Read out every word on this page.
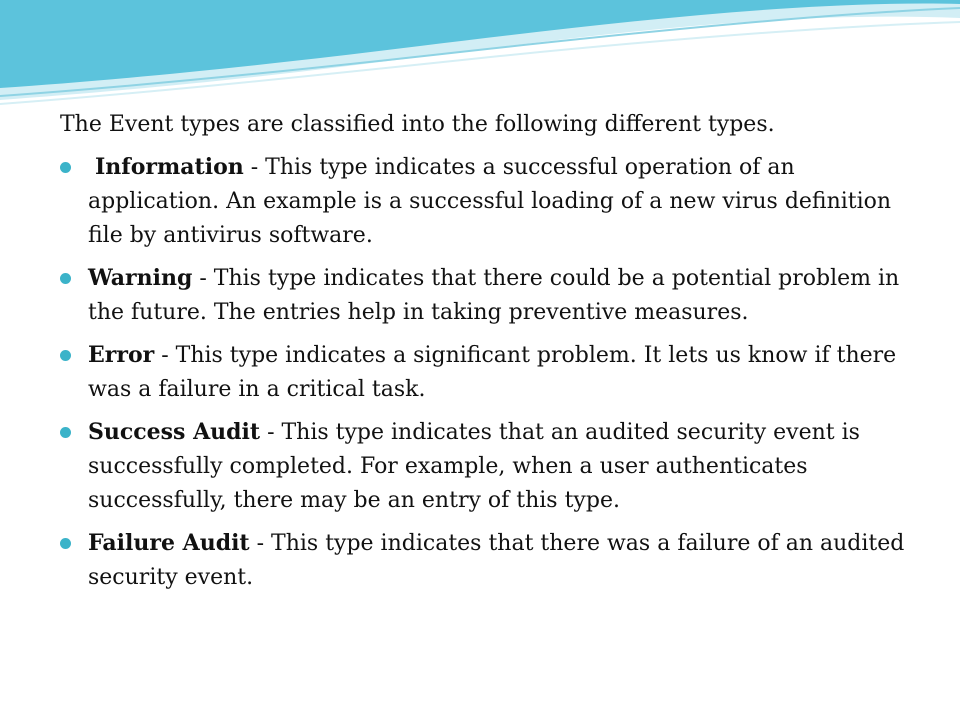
The Event types are classified into the following different types.

Information - This type indicates a successful operation of an application. An example is a successful loading of a new virus definition file by antivirus software.
Warning - This type indicates that there could be a potential problem in the future. The entries help in taking preventive measures.
Error - This type indicates a significant problem. It lets us know if there was a failure in a critical task.
Success Audit - This type indicates that an audited security event is successfully completed. For example, when a user authenticates successfully, there may be an entry of this type.
Failure Audit - This type indicates that there was a failure of an audited security event.
